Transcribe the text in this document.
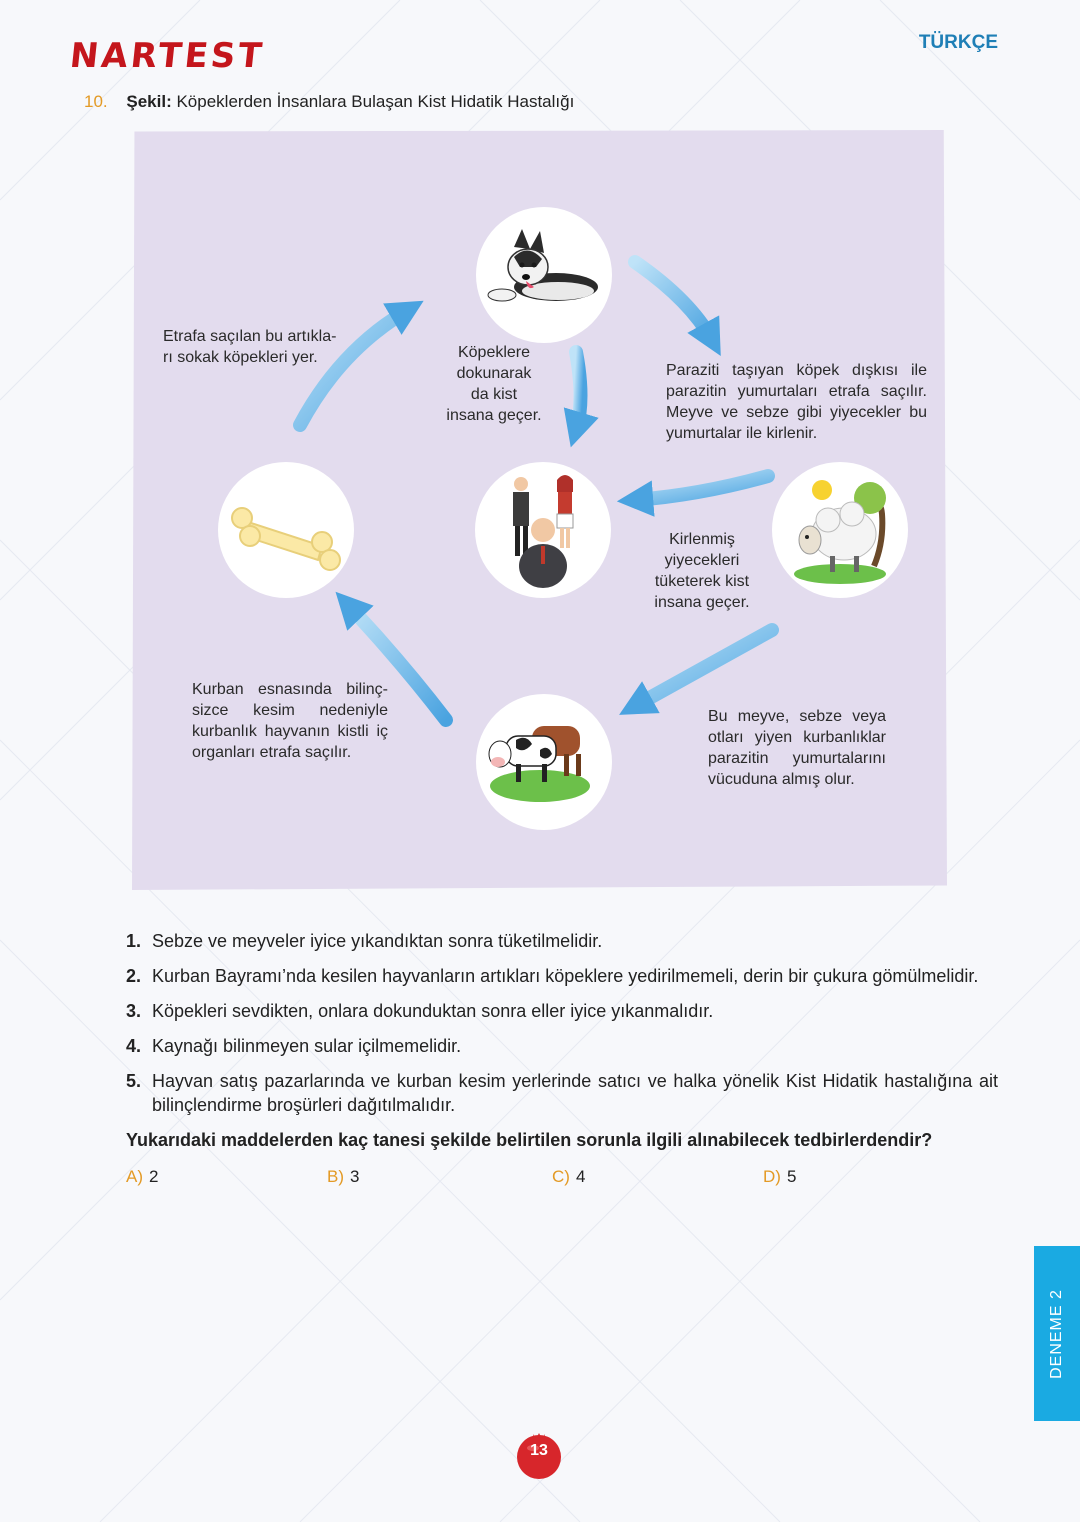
NARTEST	TÜRKÇE
10. Şekil: Köpeklerden İnsanlara Bulaşan Kist Hidatik Hastalığı
Etrafa saçılan bu artıkla-
rı sokak köpekleri yer.	Köpeklere
dokunarak
da kist
insana geçer.
Paraziti taşıyan köpek dışkısı ile
parazitin yumurtaları etrafa saçılır.
Meyve ve sebze gibi yiyecekler bu
yumurtalar ile kirlenir.
Kirlenmiş
yiyecekleri
tüketerek kist
insana geçer.
Kurban esnasında bilinç-
sizce kesim nedeniyle
kurbanlık hayvanın kistli iç
organları etrafa saçılır.
Bu meyve, sebze veya
otları yiyen kurbanlıklar
parazitin yumurtalarını
vücuduna almış olur.
1. Sebze ve meyveler iyice yıkandıktan sonra tüketilmelidir.
2. Kurban Bayramı’nda kesilen hayvanların artıkları köpeklere yedirilmemeli, derin bir çukura gömülmelidir.
3. Köpekleri sevdikten, onlara dokunduktan sonra eller iyice yıkanmalıdır.
4. Kaynağı bilinmeyen sular içilmemelidir.
5. Hayvan satış pazarlarında ve kurban kesim yerlerinde satıcı ve halka yönelik Kist Hidatik hastalığına ait bilinçlendirme broşürleri dağıtılmalıdır.
Yukarıdaki maddelerden kaç tanesi şekilde belirtilen sorunla ilgili alınabilecek tedbirlerdendir?
A) 2	B) 3	C) 4	D) 5
DENEME 2
13
